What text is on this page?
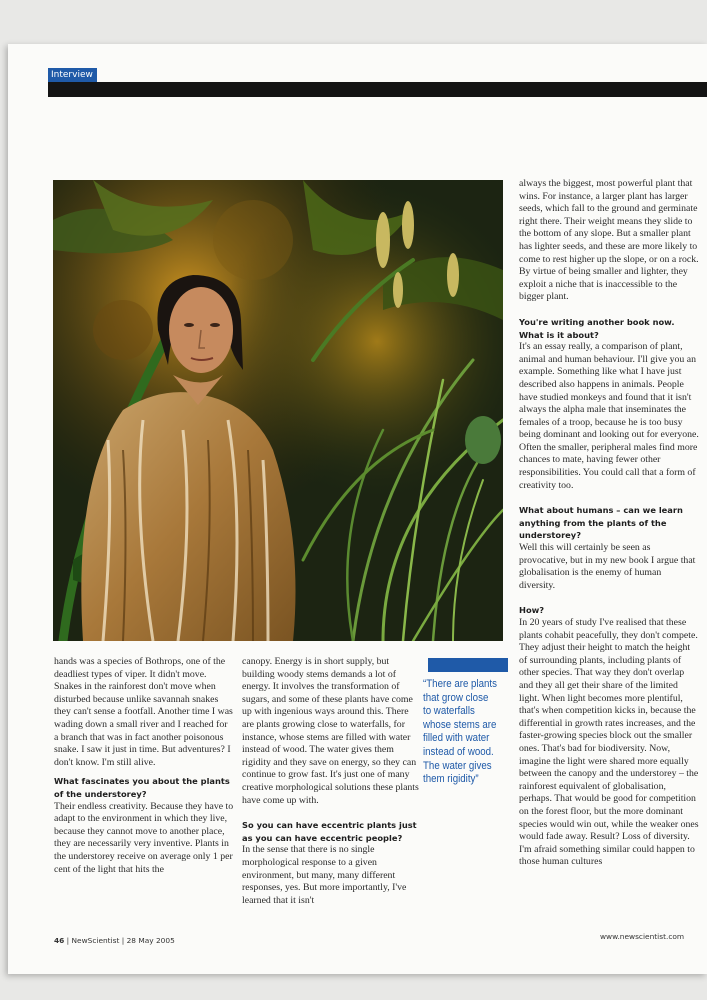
Interview

hands was a species of Bothrops, one of the deadliest types of viper. It didn't move. Snakes in the rainforest don't move when disturbed because unlike savannah snakes they can't sense a footfall. Another time I was wading down a small river and I reached for a branch that was in fact another poisonous snake. I saw it just in time. But adventures? I don't know. I'm still alive.

What fascinates you about the plants of the understorey?

Their endless creativity. Because they have to adapt to the environment in which they live, because they cannot move to another place, they are necessarily very inventive. Plants in the understorey receive on average only 1 per cent of the light that hits the

canopy. Energy is in short supply, but building woody stems demands a lot of energy. It involves the transformation of sugars, and some of these plants have come up with ingenious ways around this. There are plants growing close to waterfalls, for instance, whose stems are filled with water instead of wood. The water gives them rigidity and they save on energy, so they can continue to grow fast. It's just one of many creative morphological solutions these plants have come up with.

So you can have eccentric plants just as you can have eccentric people?

In the sense that there is no single morphological response to a given environment, but many, many different responses, yes. But more importantly, I've learned that it isn't

always the biggest, most powerful plant that wins. For instance, a larger plant has larger seeds, which fall to the ground and germinate right there. Their weight means they slide to the bottom of any slope. But a smaller plant has lighter seeds, and these are more likely to come to rest higher up the slope, or on a rock. By virtue of being smaller and lighter, they exploit a niche that is inaccessible to the bigger plant.

You're writing another book now. What is it about?

It's an essay really, a comparison of plant, animal and human behaviour. I'll give you an example. Something like what I have just described also happens in animals. People have studied monkeys and found that it isn't always the alpha male that inseminates the females of a troop, because he is too busy being dominant and looking out for everyone. Often the smaller, peripheral males find more chances to mate, having fewer other responsibilities. You could call that a form of creativity too.

What about humans – can we learn anything from the plants of the understorey?

Well this will certainly be seen as provocative, but in my new book I argue that globalisation is the enemy of human diversity.

How?

In 20 years of study I've realised that these plants cohabit peacefully, they don't compete. They adjust their height to match the height of surrounding plants, including plants of other species. That way they don't overlap and they all get their share of the limited light. When light becomes more plentiful, that's when competition kicks in, because the differential in growth rates increases, and the faster-growing species block out the smaller ones. That's bad for biodiversity. Now, imagine the light were shared more equally between the canopy and the understorey – the rainforest equivalent of globalisation, perhaps. That would be good for competition on the forest floor, but the more dominant species would win out, while the weaker ones would fade away. Result? Loss of diversity. I'm afraid something similar could happen to those human cultures

“There are plants
that grow close
to waterfalls
whose stems are
filled with water
instead of wood.
The water gives
them rigidity”
46 | NewScientist | 28 May 2005	www.newscientist.com
